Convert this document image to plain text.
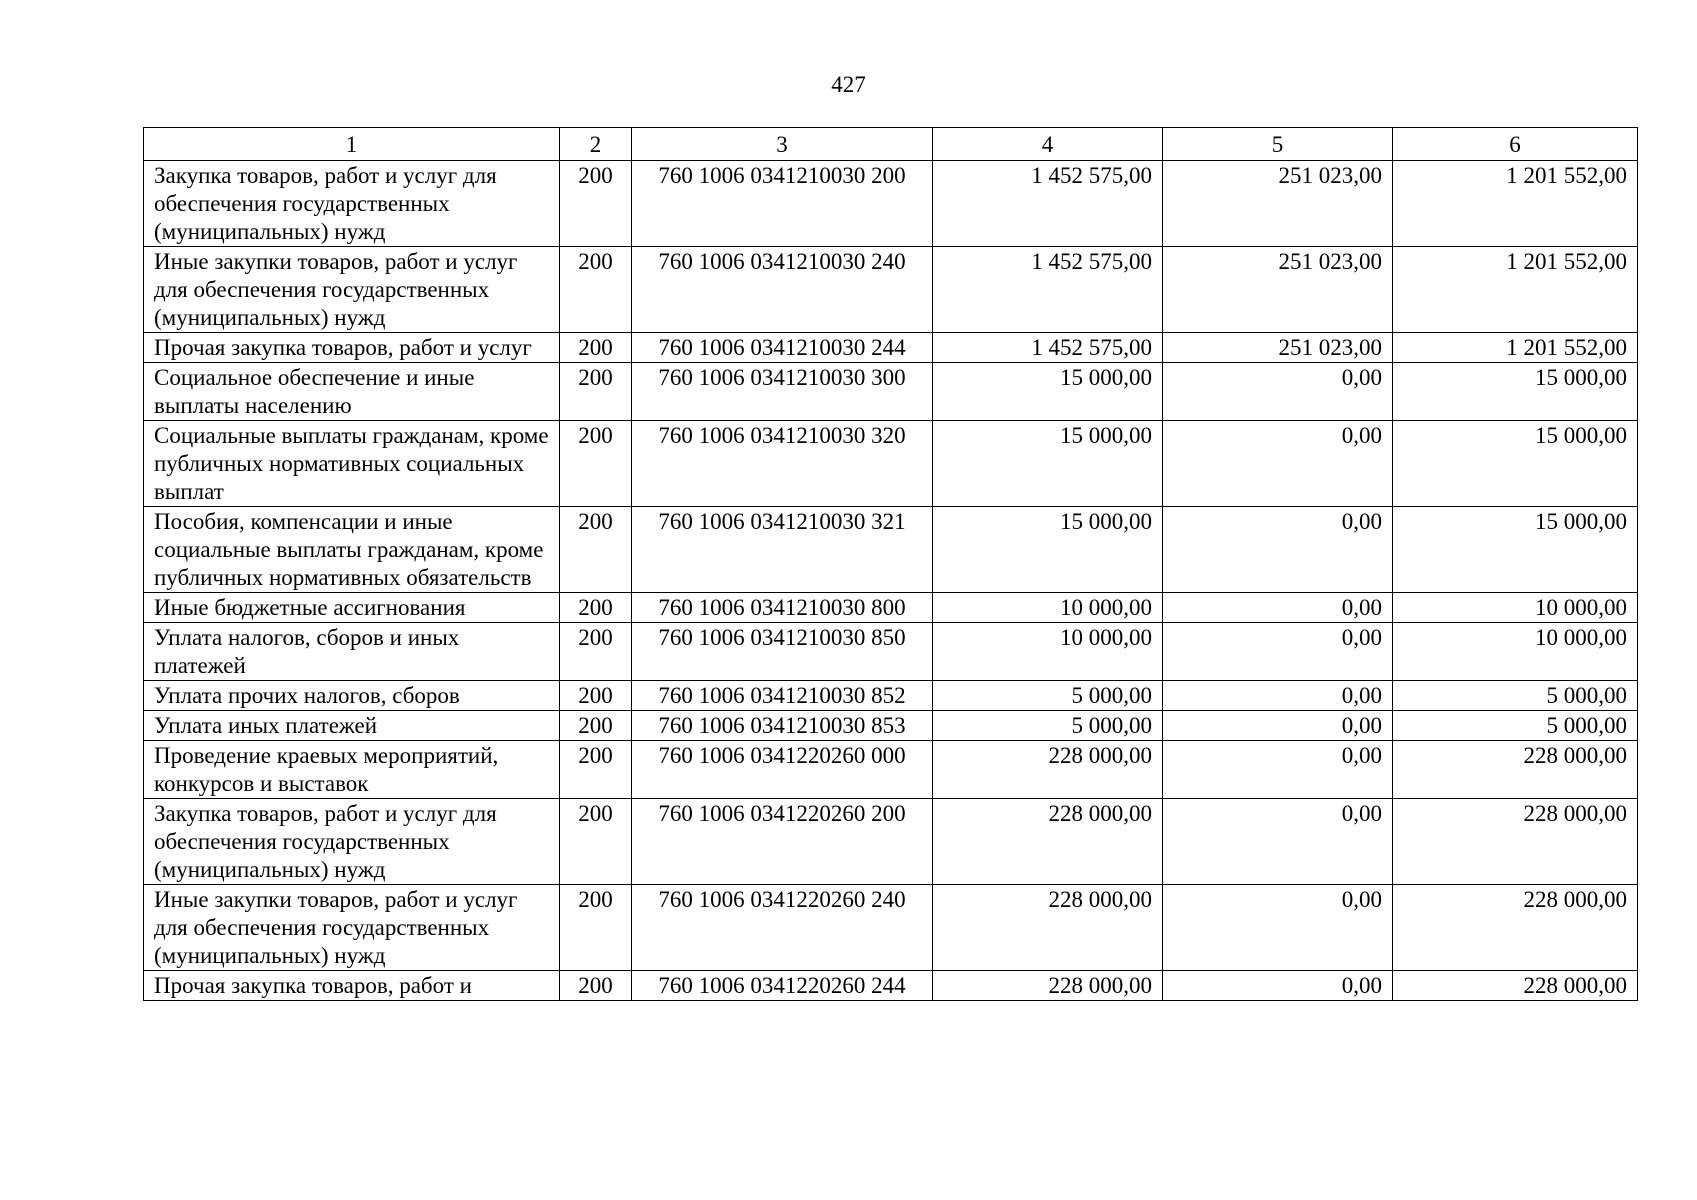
427
1	2	3	4	5	6
Закупка товаров, работ и услуг для обеспечения государственных (муниципальных) нужд	200	760 1006 0341210030 200	1 452 575,00	251 023,00	1 201 552,00
Иные закупки товаров, работ и услуг для обеспечения государственных (муниципальных) нужд	200	760 1006 0341210030 240	1 452 575,00	251 023,00	1 201 552,00
Прочая закупка товаров, работ и услуг	200	760 1006 0341210030 244	1 452 575,00	251 023,00	1 201 552,00
Социальное обеспечение и иные выплаты населению	200	760 1006 0341210030 300	15 000,00	0,00	15 000,00
Социальные выплаты гражданам, кроме публичных нормативных социальных выплат	200	760 1006 0341210030 320	15 000,00	0,00	15 000,00
Пособия, компенсации и иные социальные выплаты гражданам, кроме публичных нормативных обязательств	200	760 1006 0341210030 321	15 000,00	0,00	15 000,00
Иные бюджетные ассигнования	200	760 1006 0341210030 800	10 000,00	0,00	10 000,00
Уплата налогов, сборов и иных платежей	200	760 1006 0341210030 850	10 000,00	0,00	10 000,00
Уплата прочих налогов, сборов	200	760 1006 0341210030 852	5 000,00	0,00	5 000,00
Уплата иных платежей	200	760 1006 0341210030 853	5 000,00	0,00	5 000,00
Проведение краевых мероприятий, конкурсов и выставок	200	760 1006 0341220260 000	228 000,00	0,00	228 000,00
Закупка товаров, работ и услуг для обеспечения государственных (муниципальных) нужд	200	760 1006 0341220260 200	228 000,00	0,00	228 000,00
Иные закупки товаров, работ и услуг для обеспечения государственных (муниципальных) нужд	200	760 1006 0341220260 240	228 000,00	0,00	228 000,00
Прочая закупка товаров, работ и	200	760 1006 0341220260 244	228 000,00	0,00	228 000,00
